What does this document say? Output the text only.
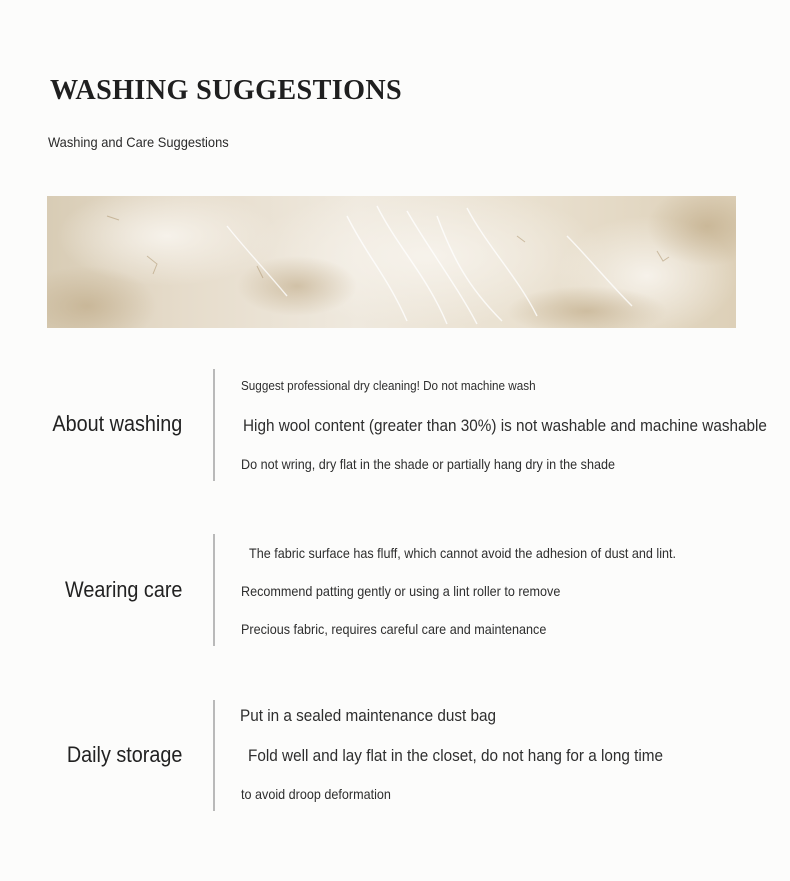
WASHING SUGGESTIONS
Washing and Care Suggestions
About washing
Suggest professional dry cleaning! Do not machine wash
High wool content (greater than 30%) is not washable and machine washable
Do not wring, dry flat in the shade or partially hang dry in the shade
Wearing care
The fabric surface has fluff, which cannot avoid the adhesion of dust and lint.
Recommend patting gently or using a lint roller to remove
Precious fabric, requires careful care and maintenance
Daily storage
Put in a sealed maintenance dust bag
Fold well and lay flat in the closet, do not hang for a long time
to avoid droop deformation
